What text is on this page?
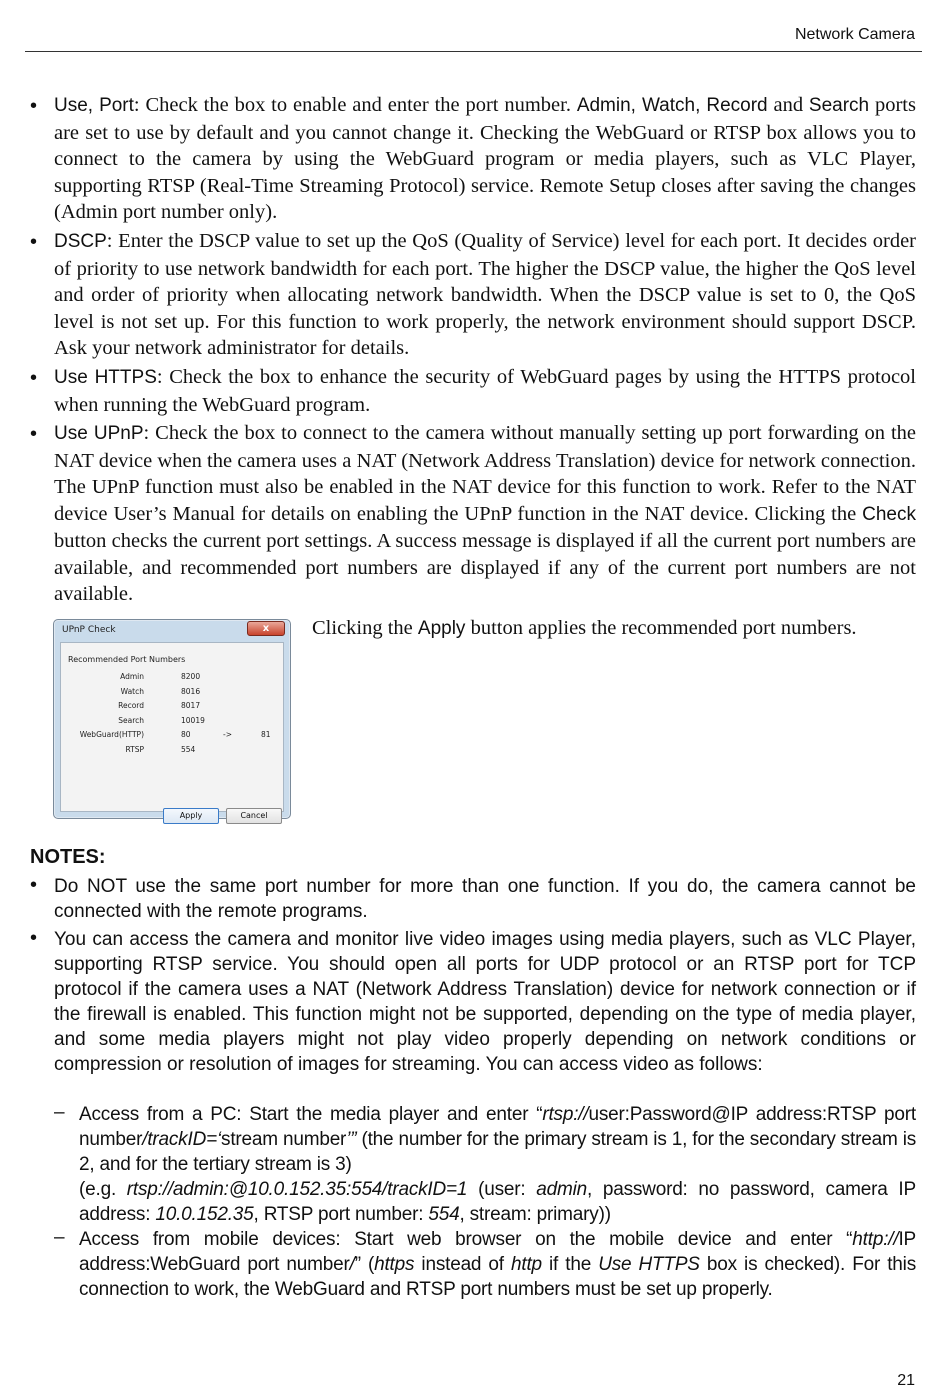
Network Camera
• Use, Port: Check the box to enable and enter the port number. Admin, Watch, Record and Search ports are set to use by default and you cannot change it. Checking the WebGuard or RTSP box allows you to connect to the camera by using the WebGuard program or media players, such as VLC Player, supporting RTSP (Real-Time Streaming Protocol) service. Remote Setup closes after saving the changes (Admin port number only).
• DSCP: Enter the DSCP value to set up the QoS (Quality of Service) level for each port. It decides order of priority to use network bandwidth for each port. The higher the DSCP value, the higher the QoS level and order of priority when allocating network bandwidth. When the DSCP value is set to 0, the QoS level is not set up. For this function to work properly, the network environment should support DSCP. Ask your network administrator for details.
• Use HTTPS: Check the box to enhance the security of WebGuard pages by using the HTTPS protocol when running the WebGuard program.
• Use UPnP: Check the box to connect to the camera without manually setting up port forwarding on the NAT device when the camera uses a NAT (Network Address Translation) device for network connection. The UPnP function must also be enabled in the NAT device for this function to work. Refer to the NAT device User’s Manual for details on enabling the UPnP function in the NAT device. Clicking the Check button checks the current port settings. A success message is displayed if all the current port numbers are available, and recommended port numbers are displayed if any of the current port numbers are not available.
UPnP Check	x
Recommended Port Numbers
Admin	8200
Watch	8016
Record	8017
Search	10019
WebGuard(HTTP)	80	->	81
RTSP	554
Apply	Cancel
Clicking the Apply button applies the recommended port numbers.
NOTES:
• Do NOT use the same port number for more than one function. If you do, the camera cannot be connected with the remote programs.
• You can access the camera and monitor live video images using media players, such as VLC Player, supporting RTSP service. You should open all ports for UDP protocol or an RTSP port for TCP protocol if the camera uses a NAT (Network Address Translation) device for network connection or if the firewall is enabled. This function might not be supported, depending on the type of media player, and some media players might not play video properly depending on network conditions or compression or resolution of images for streaming. You can access video as follows:
– Access from a PC: Start the media player and enter “rtsp://user:Password@IP address:RTSP port number/trackID=‘stream number’” (the number for the primary stream is 1, for the secondary stream is 2, and for the tertiary stream is 3)
(e.g. rtsp://admin:@10.0.152.35:554/trackID=1 (user: admin, password: no password, camera IP address: 10.0.152.35, RTSP port number: 554, stream: primary))
– Access from mobile devices: Start web browser on the mobile device and enter “http://IP address:WebGuard port number/” (https instead of http if the Use HTTPS box is checked). For this connection to work, the WebGuard and RTSP port numbers must be set up properly.
21
